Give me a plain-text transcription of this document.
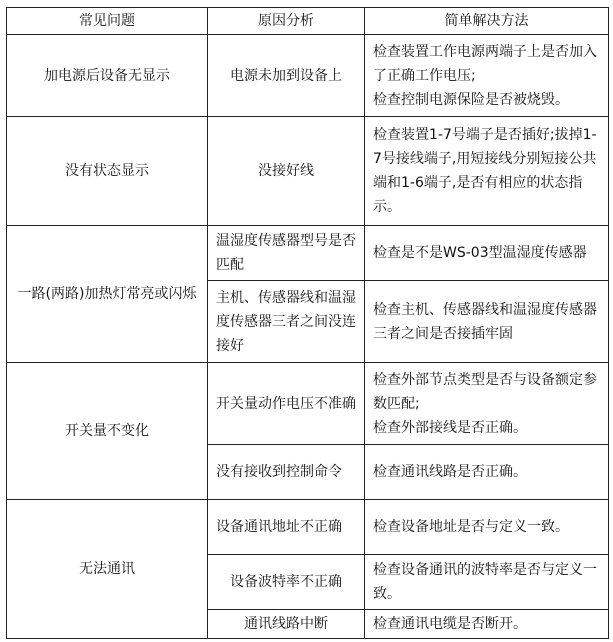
常见问题	原因分析	简单解决方法
加电源后设备无显示	电源未加到设备上	检查装置工作电源两端子上是否加入了正确工作电压;
检查控制电源保险是否被烧毁。

没有状态显示	没接好线	检查装置1-7号端子是否插好;拔掉1-7号接线端子,用短接线分别短接公共端和1-6端子,是否有相应的状态指示。
一路(两路)加热灯常亮或闪烁	温湿度传感器型号是否匹配	检查是不是WS-03型温湿度传感器
	主机、传感器线和温湿度传感器三者之间没连接好	检查主机、传感器线和温湿度传感器三者之间是否接插牢固
开关量不变化	开关量动作电压不准确	检查外部节点类型是否与设备额定参数匹配;
检查外部接线是否正确。

	没有接收到控制命令	检查通讯线路是否正确。
无法通讯	设备通讯地址不正确	检查设备地址是否与定义一致。
	设备波特率不正确	检查设备通讯的波特率是否与定义一致。
	通讯线路中断	检查通讯电缆是否断开。
